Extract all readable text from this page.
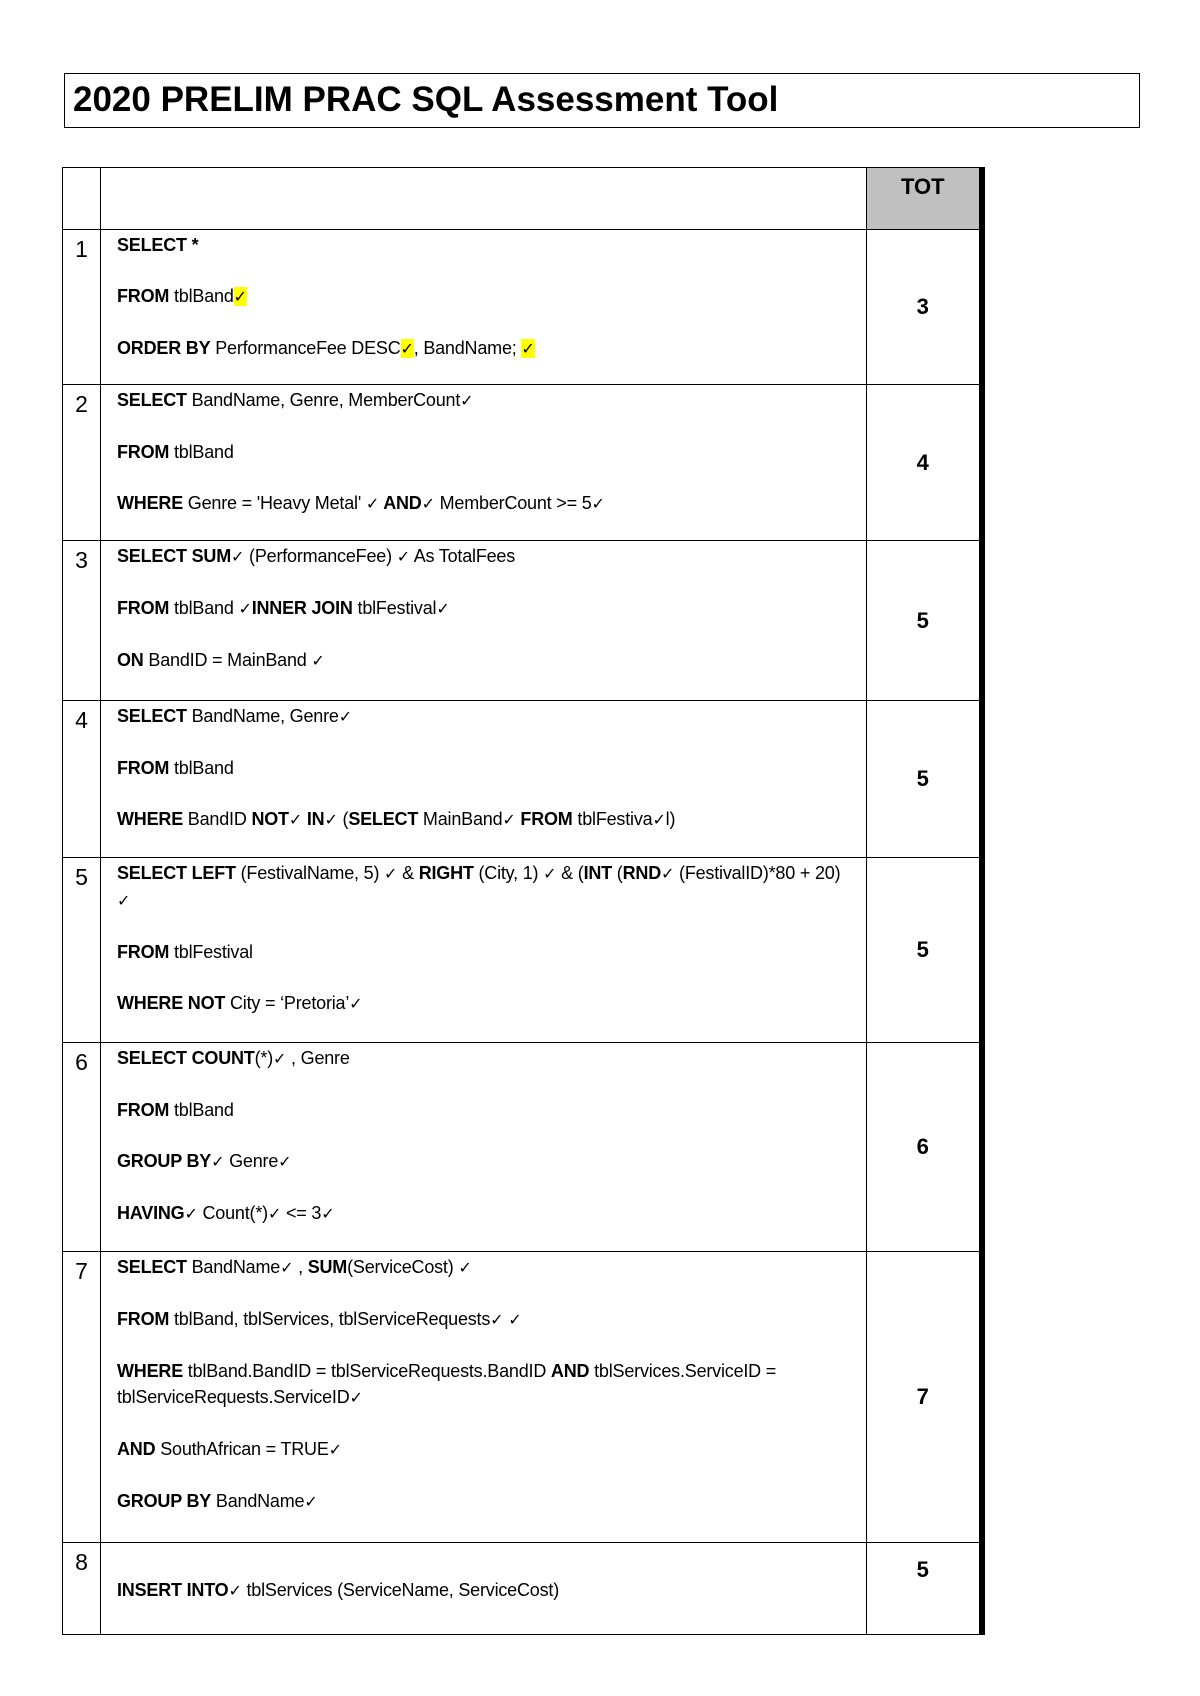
2020 PRELIM PRAC SQL Assessment Tool
		TOT
1	SELECT *
FROM tblBand✓
ORDER BY PerformanceFee DESC✓, BandName; ✓	3
2	SELECT BandName, Genre, MemberCount✓
FROM tblBand
WHERE Genre = 'Heavy Metal' ✓ AND✓ MemberCount >= 5✓	4
3	SELECT SUM✓ (PerformanceFee) ✓ As TotalFees
FROM tblBand ✓INNER JOIN tblFestival✓
ON BandID = MainBand ✓	5
4	SELECT BandName, Genre✓
FROM tblBand
WHERE BandID NOT✓ IN✓ (SELECT MainBand✓ FROM tblFestiva✓l)	5
5	SELECT LEFT (FestivalName, 5) ✓ & RIGHT (City, 1) ✓ & (INT (RND✓ (FestivalID)*80 + 20) ✓
FROM tblFestival
WHERE NOT City = ‘Pretoria’✓	5
6	SELECT COUNT(*)✓ , Genre
FROM tblBand
GROUP BY✓ Genre✓
HAVING✓ Count(*)✓ <= 3✓	6
7	SELECT BandName✓ , SUM(ServiceCost) ✓
FROM tblBand, tblServices, tblServiceRequests✓ ✓
WHERE tblBand.BandID = tblServiceRequests.BandID AND tblServices.ServiceID = tblServiceRequests.ServiceID✓
AND SouthAfrican = TRUE✓
GROUP BY BandName✓	7
8	INSERT INTO✓ tblServices (ServiceName, ServiceCost)	5
